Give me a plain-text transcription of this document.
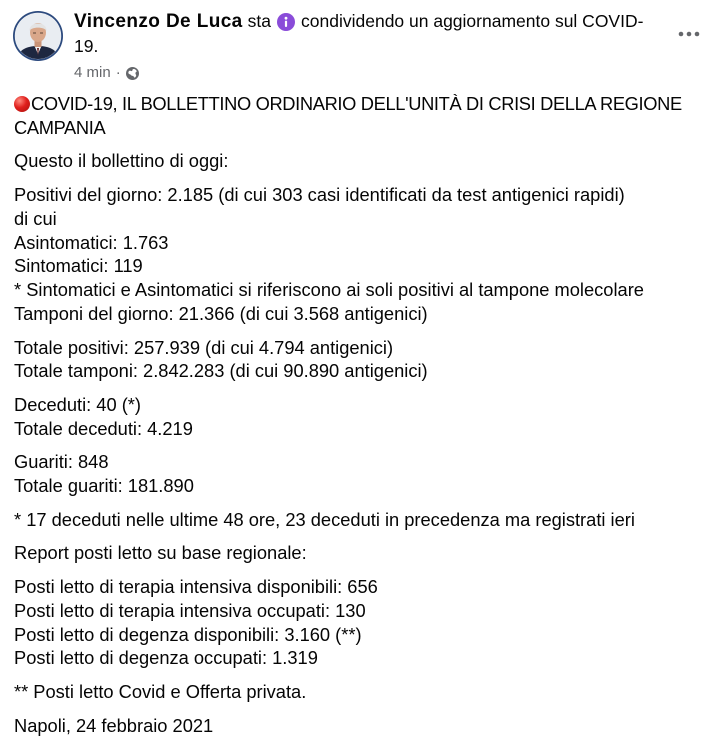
Vincenzo De Luca sta condividendo un aggiornamento sul COVID-
19.
4 min ·
COVID-19, IL BOLLETTINO ORDINARIO DELL'UNITÀ DI CRISI DELLA REGIONE
CAMPANIA
Questo il bollettino di oggi:
Positivi del giorno: 2.185 (di cui 303 casi identificati da test antigenici rapidi)
di cui
Asintomatici: 1.763
Sintomatici: 119
* Sintomatici e Asintomatici si riferiscono ai soli positivi al tampone molecolare
Tamponi del giorno: 21.366 (di cui 3.568 antigenici)
Totale positivi: 257.939 (di cui 4.794 antigenici)
Totale tamponi: 2.842.283 (di cui 90.890 antigenici)
Deceduti: 40 (*)
Totale deceduti: 4.219
Guariti: 848
Totale guariti: 181.890
* 17 deceduti nelle ultime 48 ore, 23 deceduti in precedenza ma registrati ieri
Report posti letto su base regionale:
Posti letto di terapia intensiva disponibili: 656
Posti letto di terapia intensiva occupati: 130
Posti letto di degenza disponibili: 3.160 (**)
Posti letto di degenza occupati: 1.319
** Posti letto Covid e Offerta privata.
Napoli, 24 febbraio 2021
